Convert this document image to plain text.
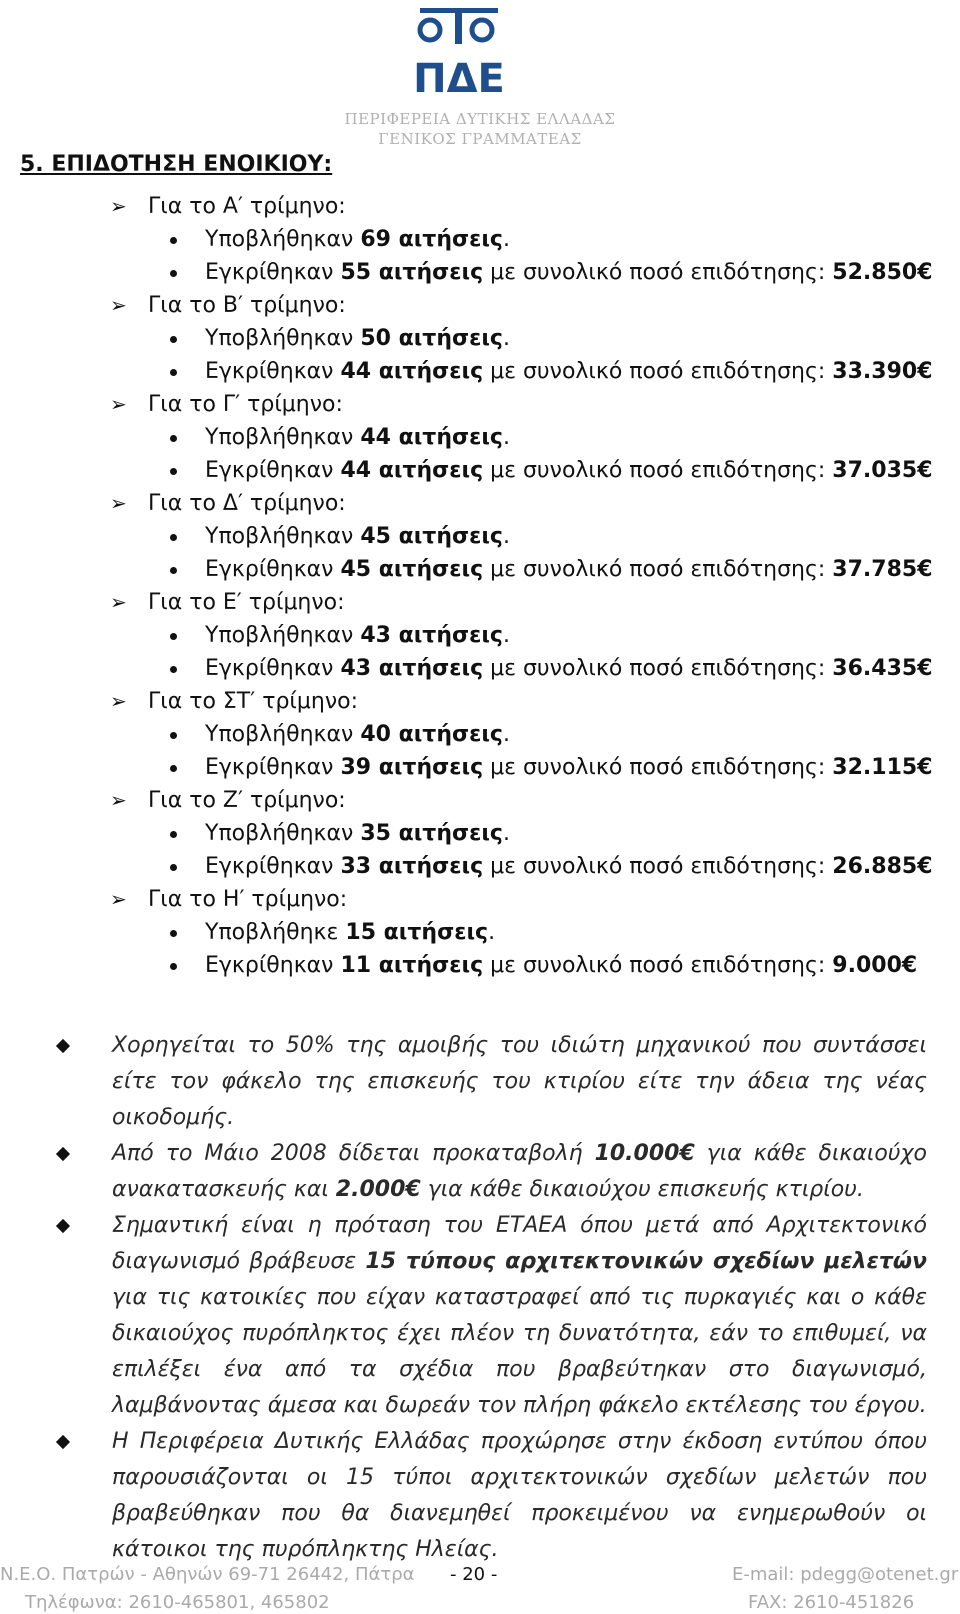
ΠΔΕ
ΠΕΡΙΦΕΡΕΙΑ ΔΥΤΙΚΗΣ ΕΛΛΑΔΑΣ
ΓΕΝΙΚΟΣ ΓΡΑΜΜΑΤΕΑΣ
5. ΕΠΙΔΟΤΗΣΗ ΕΝΟΙΚΙΟΥ:
➢ Για το Α′ τρίμηνο:
Υποβλήθηκαν 69 αιτήσεις.
Εγκρίθηκαν 55 αιτήσεις με συνολικό ποσό επιδότησης: 52.850€
➢ Για το Β′ τρίμηνο:
Υποβλήθηκαν 50 αιτήσεις.
Εγκρίθηκαν 44 αιτήσεις με συνολικό ποσό επιδότησης: 33.390€
➢ Για το Γ′ τρίμηνο:
Υποβλήθηκαν 44 αιτήσεις.
Εγκρίθηκαν 44 αιτήσεις με συνολικό ποσό επιδότησης: 37.035€
➢ Για το Δ′ τρίμηνο:
Υποβλήθηκαν 45 αιτήσεις.
Εγκρίθηκαν 45 αιτήσεις με συνολικό ποσό επιδότησης: 37.785€
➢ Για το Ε′ τρίμηνο:
Υποβλήθηκαν 43 αιτήσεις.
Εγκρίθηκαν 43 αιτήσεις με συνολικό ποσό επιδότησης: 36.435€
➢ Για το ΣΤ′ τρίμηνο:
Υποβλήθηκαν 40 αιτήσεις.
Εγκρίθηκαν 39 αιτήσεις με συνολικό ποσό επιδότησης: 32.115€
➢ Για το Ζ′ τρίμηνο:
Υποβλήθηκαν 35 αιτήσεις.
Εγκρίθηκαν 33 αιτήσεις με συνολικό ποσό επιδότησης: 26.885€
➢ Για το Η′ τρίμηνο:
Υποβλήθηκε 15 αιτήσεις.
Εγκρίθηκαν 11 αιτήσεις με συνολικό ποσό επιδότησης: 9.000€
Χορηγείται το 50% της αμοιβής του ιδιώτη μηχανικού που συντάσσει είτε τον φάκελο της επισκευής του κτιρίου είτε την άδεια της νέας οικοδομής.
Από το Μάιο 2008 δίδεται προκαταβολή 10.000€ για κάθε δικαιούχο ανακατασκευής και 2.000€ για κάθε δικαιούχου επισκευής κτιρίου.
Σημαντική είναι η πρόταση του ΕΤΑΕΑ όπου μετά από Αρχιτεκτονικό διαγωνισμό βράβευσε 15 τύπους αρχιτεκτονικών σχεδίων μελετών για τις κατοικίες που είχαν καταστραφεί από τις πυρκαγιές και ο κάθε δικαιούχος πυρόπληκτος έχει πλέον τη δυνατότητα, εάν το επιθυμεί, να επιλέξει ένα από τα σχέδια που βραβεύτηκαν στο διαγωνισμό, λαμβάνοντας άμεσα και δωρεάν τον πλήρη φάκελο εκτέλεσης του έργου.
Η Περιφέρεια Δυτικής Ελλάδας προχώρησε στην έκδοση εντύπου όπου παρουσιάζονται οι 15 τύποι αρχιτεκτονικών σχεδίων μελετών που βραβεύθηκαν που θα διανεμηθεί προκειμένου να ενημερωθούν οι κάτοικοι της πυρόπληκτης Ηλείας.
Ν.Ε.Ο. Πατρών - Αθηνών 69-71 26442, Πάτρα - 20 -	E-mail: pdegg@otenet.gr
Τηλέφωνα: 2610-465801, 465802	FAX: 2610-451826
